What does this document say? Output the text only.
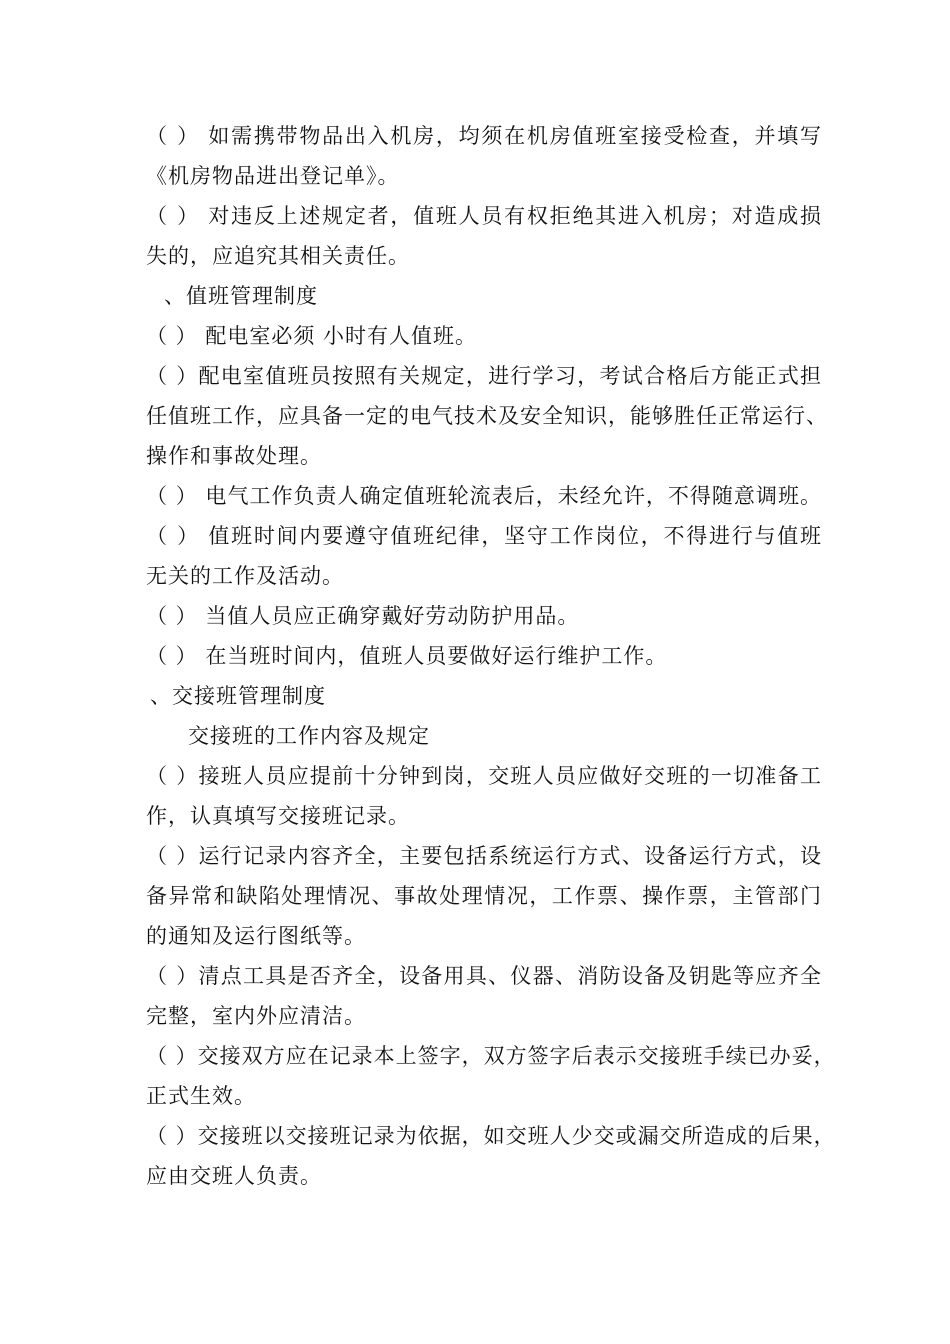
（ ） 如需携带物品出入机房，均须在机房值班室接受检查，并填写
《机房物品进出登记单》。
（ ） 对违反上述规定者，值班人员有权拒绝其进入机房；对造成损
失的，应追究其相关责任。
、值班管理制度
（ ） 配电室必须 小时有人值班。
（ ）配电室值班员按照有关规定，进行学习，考试合格后方能正式担
任值班工作，应具备一定的电气技术及安全知识，能够胜任正常运行、
操作和事故处理。
（ ） 电气工作负责人确定值班轮流表后，未经允许，不得随意调班。
（ ） 值班时间内要遵守值班纪律，坚守工作岗位，不得进行与值班
无关的工作及活动。
（ ） 当值人员应正确穿戴好劳动防护用品。
（ ） 在当班时间内，值班人员要做好运行维护工作。
、交接班管理制度
交接班的工作内容及规定
（ ）接班人员应提前十分钟到岗，交班人员应做好交班的一切准备工
作，认真填写交接班记录。
（ ）运行记录内容齐全，主要包括系统运行方式、设备运行方式，设
备异常和缺陷处理情况、事故处理情况，工作票、操作票，主管部门
的通知及运行图纸等。
（ ）清点工具是否齐全，设备用具、仪器、消防设备及钥匙等应齐全
完整，室内外应清洁。
（ ）交接双方应在记录本上签字，双方签字后表示交接班手续已办妥，
正式生效。
（ ）交接班以交接班记录为依据，如交班人少交或漏交所造成的后果，
应由交班人负责。
